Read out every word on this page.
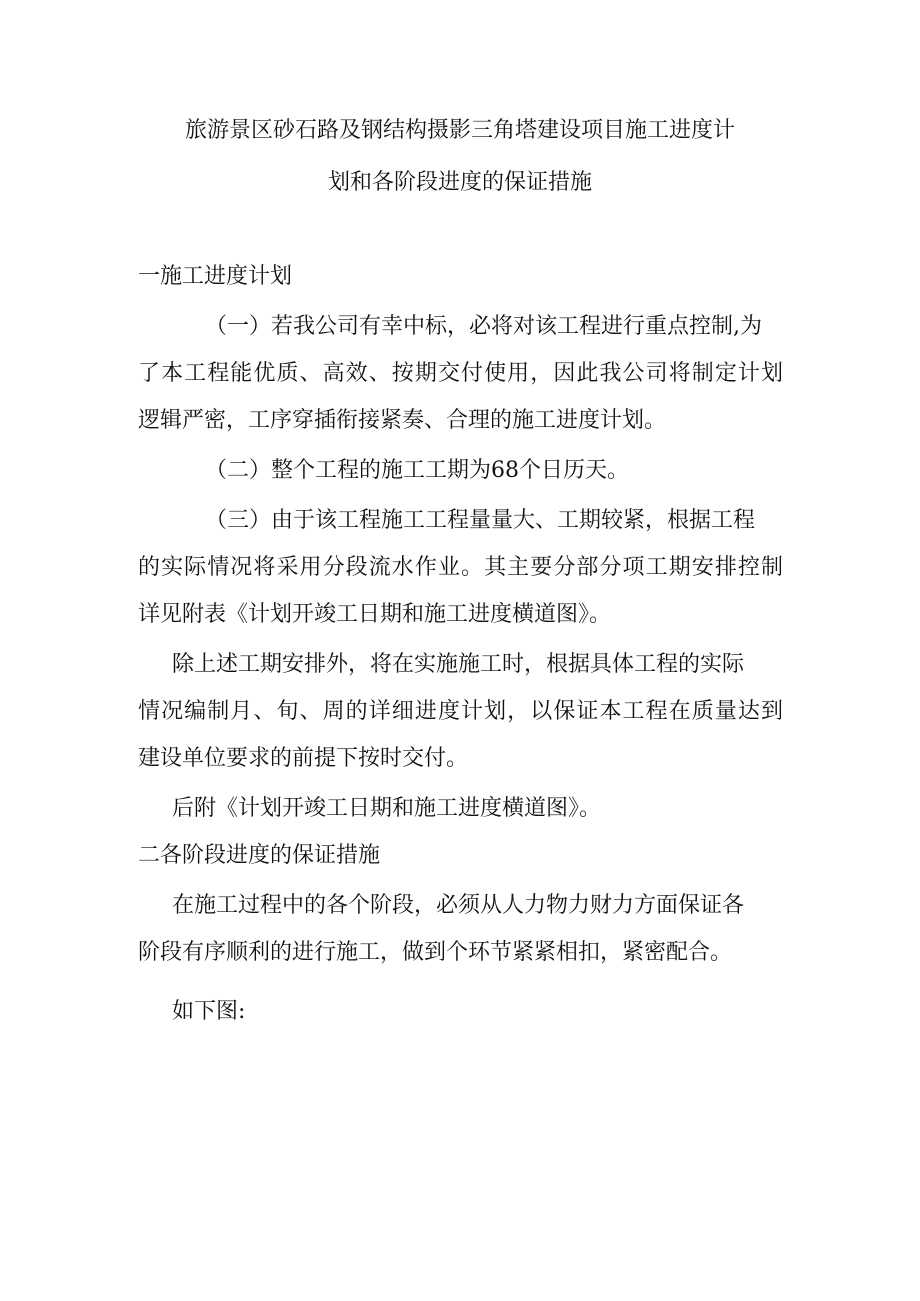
旅游景区砂石路及钢结构摄影三角塔建设项目施工进度计
划和各阶段进度的保证措施
一施工进度计划
（一）若我公司有幸中标，必将对该工程进行重点控制,为
了本工程能优质、高效、按期交付使用，因此我公司将制定计划
逻辑严密，工序穿插衔接紧奏、合理的施工进度计划。
（二）整个工程的施工工期为68个日历天。
（三）由于该工程施工工程量量大、工期较紧，根据工程
的实际情况将采用分段流水作业。其主要分部分项工期安排控制
详见附表《计划开竣工日期和施工进度横道图》。
除上述工期安排外，将在实施施工时，根据具体工程的实际
情况编制月、旬、周的详细进度计划，以保证本工程在质量达到
建设单位要求的前提下按时交付。
后附《计划开竣工日期和施工进度横道图》。
二各阶段进度的保证措施
在施工过程中的各个阶段，必须从人力物力财力方面保证各
阶段有序顺利的进行施工，做到个环节紧紧相扣，紧密配合。
如下图:
